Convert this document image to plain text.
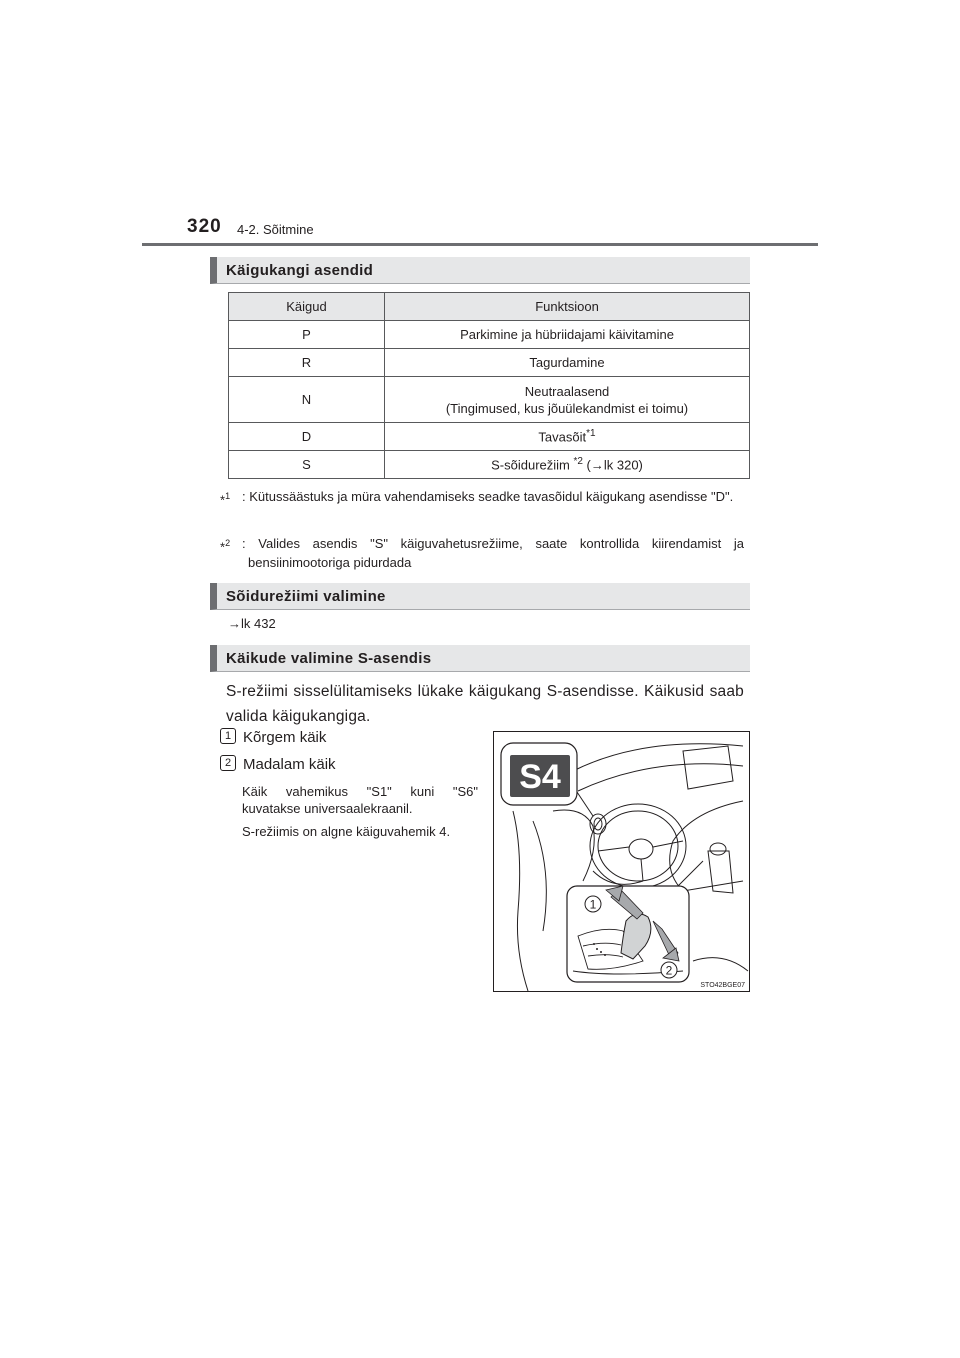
320 4-2. Sõitmine
Käigukangi asendid
Käigud	Funktsioon
P	Parkimine ja hübriidajami käivitamine
R	Tagurdamine
N	Neutraalasend
(Tingimused, kus jõuülekandmist ei toimu)
D	Tavasõit$^{*1}$
S	S-sõidurežiim $^{*2}$ (→lk 320)
*$^1$ : Kütussäästuks ja müra vahendamiseks seadke tavasõidul käigukang asendisse "D".
*$^2$ : Valides asendis "S" käiguvahetusrežiime, saate kontrollida kiirendamist ja bensiinimootoriga pidurdada
Sõidurežiimi valimine
→lk 432
Käikude valimine S-asendis
S-režiimi sisselülitamiseks lükake käigukang S-asendisse. Käikusid saab valida käigukangiga.
1 Kõrgem käik
2 Madalam käik
Käik vahemikus "S1" kuni "S6" kuvatakse universaalekraanil.
S-režiimis on algne käiguvahemik 4.
S4
1
2
STO42BGE07
